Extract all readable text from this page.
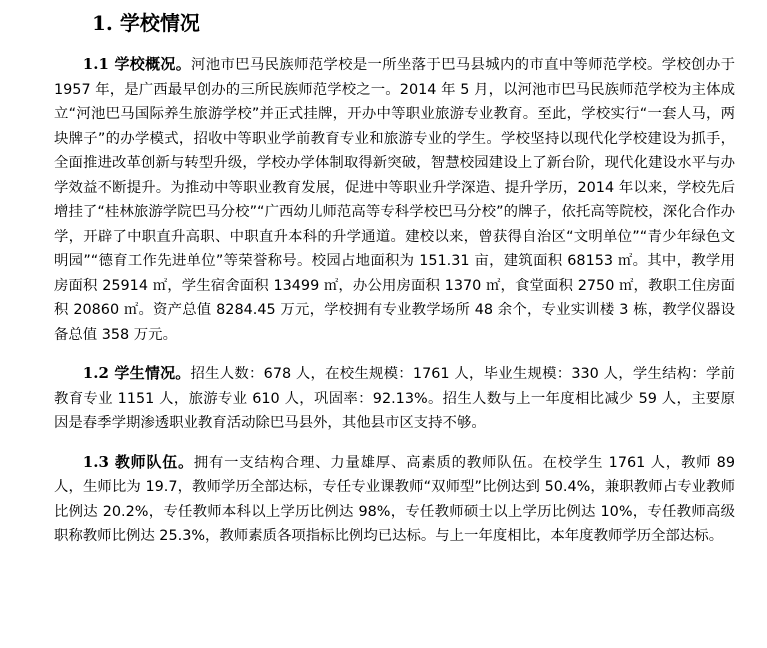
1. 学校情况

1.1 学校概况。河池市巴马民族师范学校是一所坐落于巴马县城内的市直中等师范学校。学校创办于 1957 年，是广西最早创办的三所民族师范学校之一。2014 年 5 月，以河池市巴马民族师范学校为主体成立“河池巴马国际养生旅游学校”并正式挂牌，开办中等职业旅游专业教育。至此，学校实行“一套人马，两块牌子”的办学模式，招收中等职业学前教育专业和旅游专业的学生。学校坚持以现代化学校建设为抓手，全面推进改革创新与转型升级，学校办学体制取得新突破，智慧校园建设上了新台阶，现代化建设水平与办学效益不断提升。为推动中等职业教育发展，促进中等职业升学深造、提升学历，2014 年以来，学校先后增挂了“桂林旅游学院巴马分校”“广西幼儿师范高等专科学校巴马分校”的牌子，依托高等院校，深化合作办学，开辟了中职直升高职、中职直升本科的升学通道。建校以来，曾获得自治区“文明单位”“青少年绿色文明园”“德育工作先进单位”等荣誉称号。校园占地面积为 151.31 亩，建筑面积 68153 ㎡。其中，教学用房面积 25914 ㎡，学生宿舍面积 13499 ㎡，办公用房面积 1370 ㎡，食堂面积 2750 ㎡，教职工住房面积 20860 ㎡。资产总值 8284.45 万元，学校拥有专业教学场所 48 余个，专业实训楼 3 栋，教学仪器设备总值 358 万元。

1.2 学生情况。招生人数：678 人，在校生规模：1761 人，毕业生规模：330 人，学生结构：学前教育专业 1151 人，旅游专业 610 人，巩固率：92.13%。招生人数与上一年度相比减少 59 人，主要原因是春季学期渗透职业教育活动除巴马县外，其他县市区支持不够。

1.3 教师队伍。拥有一支结构合理、力量雄厚、高素质的教师队伍。在校学生 1761 人，教师 89 人，生师比为 19.7，教师学历全部达标，专任专业课教师“双师型”比例达到 50.4%，兼职教师占专业教师比例达 20.2%，专任教师本科以上学历比例达 98%，专任教师硕士以上学历比例达 10%，专任教师高级职称教师比例达 25.3%，教师素质各项指标比例均已达标。与上一年度相比，本年度教师学历全部达标。
